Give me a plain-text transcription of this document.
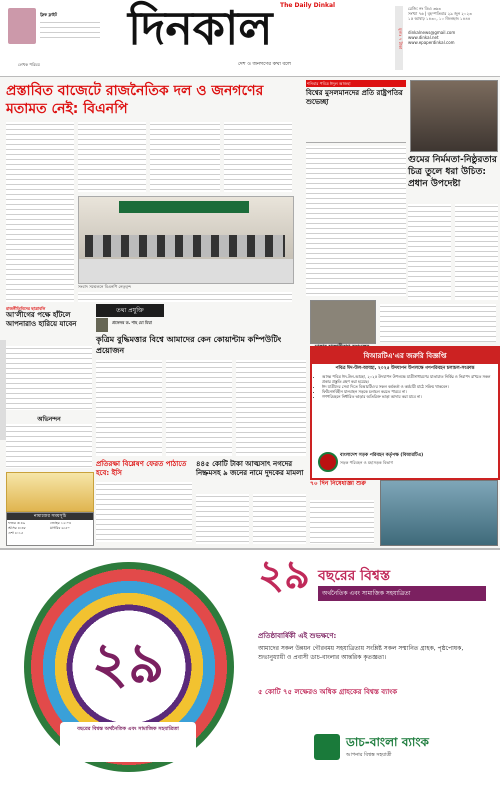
ফ্লিক ফ্লাইট
লেখক পরিচয়
দিনকাল The Daily Dinkal
দেশ ও জনগণের কথা বলে
মূল্যঃ ৭ টাকা
রেজি: নং ডিএ ৩৬৩
সংখ্যা ৭৬ | বৃহস্পতিবার ২৯ জুন ২০২৩
১৫ আষাঢ় ১৪৩০, ১০ জিলহজ ১৪৪৪
dinkalnews@gmail.com
www.dinkal.net
www.epaperdinkal.com
প্রস্তাবিত বাজেটে রাজনৈতিক দল ও জনগণের মতামত নেই: বিএনপি
সংবাদ সম্মেলনে বিএনপি নেতৃবৃন্দ
শনিবার পবিত্র ঈদুল আজহা
বিশ্বের মুসলমানদের প্রতি রাষ্ট্রপতির শুভেচ্ছা
গুমের নির্মমতা-নিষ্ঠুরতার চিত্র তুলে ধরা উচিত: প্রধান উপদেষ্টা
রাজনীতিবিদের ছাত্রাবলি
আ'লীগের পক্ষে হাঁটলে আপনারাও হারিয়ে যাবেন
অভিনন্দন
তথ্য প্রযুক্তি
প্রফেসর ড. শাহ মো মিয়া
কৃত্রিম বুদ্ধিমত্তার বিশ্বে আমাদের কেন কোয়ান্টাম কম্পিউটিং প্রয়োজন
বিআরটিএ'এর জরুরি বিজ্ঞপ্তি
পবিত্র ঈদ-উল-আযহা, ২০২৫ উদযাপন উপলক্ষে গণপরিবহন চলাচল-সংক্রান্ত
• আসন্ন পবিত্র ঈদ-উল-আযহা, ২০২৫ উদযাপন উপলক্ষে যাত্রীসাধারণের যাতায়াত নির্বিঘ্ন ও নিরাপদ রাখতে সকল প্রকার প্রস্তুতি গ্রহণ করা হয়েছে।
• ঈদ যাত্রীদের সেবা দিতে বিআরটিএ'র সকল কর্মকর্তা ও কর্মচারী মাঠে সক্রিয় থাকবেন।
• ফিটনেসবিহীন যানবাহন সড়কে চলাচল করতে পারবে না।
• গণপরিবহনে নির্ধারিত ভাড়ার অতিরিক্ত ভাড়া আদায় করা যাবে না।
বাংলাদেশ সড়ক পরিবহন কর্তৃপক্ষ (বিআরটিএ)
সড়ক পরিবহন ও মহাসড়ক বিভাগ
প্রতিরক্ষা বিশ্লেষণ ফেরত পাঠাতে হবে: ইসি
নামাজের সময়সূচি
ফজর ৩:৪৯	জোহর ১২:০৪
আসর ৪:৩৮	মাগরিব ৬:৫০
এশা ৮:১৫
৪৪৫ কোটি টাকা আত্মসাৎ নগদের নিষ্ক্রমসহ ৯ জনের নামে দুদকের মামলা
৭০ দিন নিষেধাজ্ঞা শুরু
২৯
বছরের বিশ্বস্ত অর্থনৈতিক এবং সামাজিক সহযাত্রিতা
২৯ বছরের বিশ্বস্ত
অর্থনৈতিক এবং সামাজিক সহযাত্রিতা
প্রতিষ্ঠাবার্ষিকী এই শুভক্ষণে:
আমাদের সকল উন্নয়ন গৌরবময় সহযাত্রিতায় সংশ্লিষ্ট সকল সম্মানিত গ্রাহক, পৃষ্ঠপোষক, শুভানুধ্যায়ী ও প্রবাসী ডাচ-বাংলার আন্তরিক কৃতজ্ঞতা।
৫ কোটি ৭৫ লক্ষেরও অধিক গ্রাহকের বিশ্বস্ত ব্যাংক
ডাচ-বাংলা ব্যাংক
আপনার বিশ্বস্ত সহযাত্রী
